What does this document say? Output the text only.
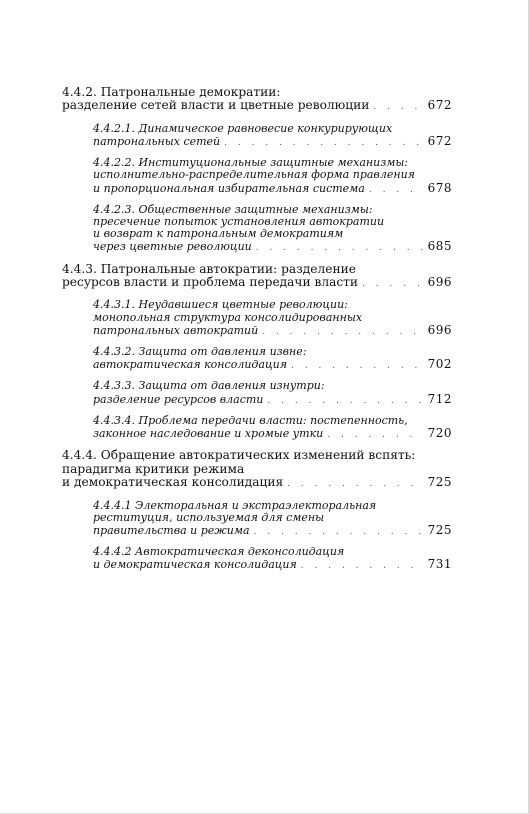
4.4.2. Патрональные демократии:
разделение сетей власти и цветные революции . . .	672
4.4.2.1. Динамическое равновесие конкурирующих
патрональных сетей . . .	672
4.4.2.2. Институциональные защитные механизмы:
исполнительно-распределительная форма правления
и пропорциональная избирательная система . . .	678
4.4.2.3. Общественные защитные механизмы:
пресечение попыток установления автократии
и возврат к патрональным демократиям
через цветные революции . . .	685
4.4.3. Патрональные автократии: разделение
ресурсов власти и проблема передачи власти . . .	696
4.4.3.1. Неудавшиеся цветные революции:
монопольная структура консолидированных
патрональных автократий . . .	696
4.4.3.2. Защита от давления извне:
автократическая консолидация . . .	702
4.4.3.3. Защита от давления изнутри:
разделение ресурсов власти . . .	712
4.4.3.4. Проблема передачи власти: постепенность,
законное наследование и хромые утки . . .	720
4.4.4. Обращение автократических изменений вспять:
парадигма критики режима
и демократическая консолидация . . .	725
4.4.4.1 Электоральная и экстраэлекторальная
реституция, используемая для смены
правительства и режима . . .	725
4.4.4.2 Автократическая деконсолидация
и демократическая консолидация . . .	731
